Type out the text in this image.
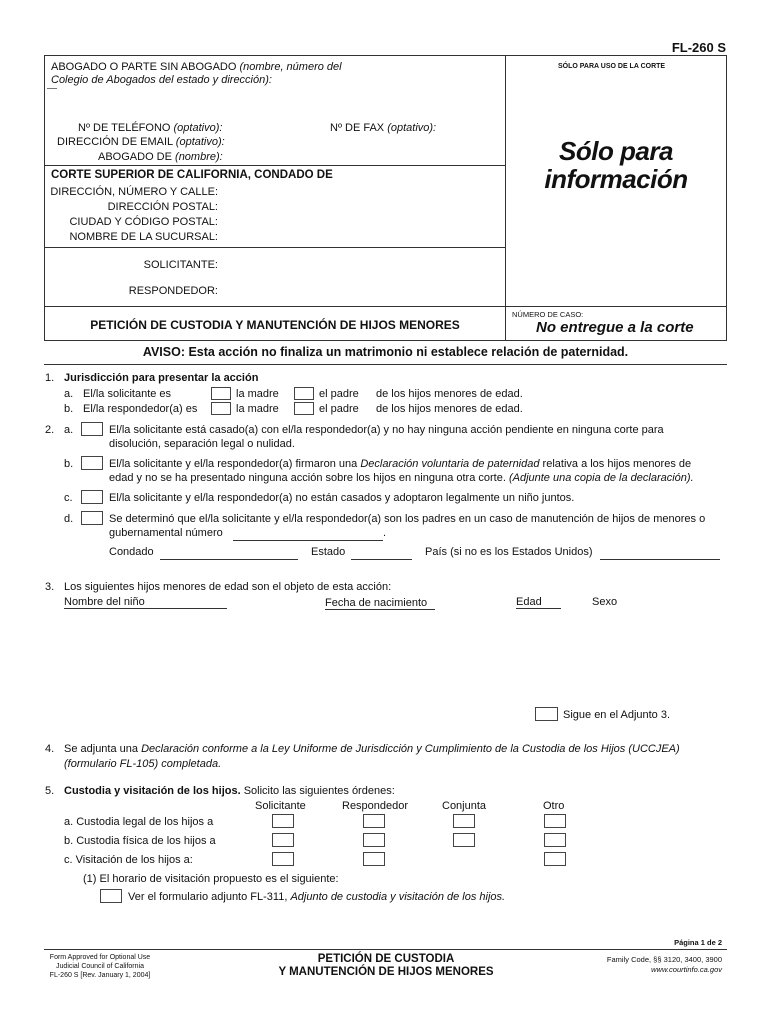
FL-260 S
ABOGADO O PARTE SIN ABOGADO (nombre, número del
Colegio de Abogados del estado y dirección):
SÓLO PARA USO DE LA CORTE
Nº DE TELÉFONO (optativo):	Nº DE FAX (optativo):
DIRECCIÓN DE EMAIL (optativo):
ABOGADO DE (nombre):	Sólo para
información
CORTE SUPERIOR DE CALIFORNIA, CONDADO DE
DIRECCIÓN, NÚMERO Y CALLE:
DIRECCIÓN POSTAL:
CIUDAD Y CÓDIGO POSTAL:
NOMBRE DE LA SUCURSAL:
SOLICITANTE:
RESPONDEDOR:
PETICIÓN DE CUSTODIA Y MANUTENCIÓN DE HIJOS MENORES
NÚMERO DE CASO:
No entregue a la corte
AVISO: Esta acción no finaliza un matrimonio ni establece relación de paternidad.
1. Jurisdicción para presentar la acción
a. El/la solicitante es	la madre	el padre de los hijos menores de edad.
b. El/la respondedor(a) es	la madre	el padre de los hijos menores de edad.
2. a.	El/la solicitante está casado(a) con el/la respondedor(a) y no hay ninguna acción pendiente en ninguna corte para
disolución, separación legal o nulidad.
b.	El/la solicitante y el/la respondedor(a) firmaron una Declaración voluntaria de paternidad relativa a los hijos menores de
edad y no se ha presentado ninguna acción sobre los hijos en ninguna otra corte. (Adjunte una copia de la declaración).
c.	El/la solicitante y el/la respondedor(a) no están casados y adoptaron legalmente un niño juntos.
d.	Se determinó que el/la solicitante y el/la respondedor(a) son los padres en un caso de manutención de hijos de menores o
gubernamental número	.
Condado	Estado	País (si no es los Estados Unidos)
3. Los siguientes hijos menores de edad son el objeto de esta acción:
Nombre del niño	Fecha de nacimiento	Edad	Sexo
Sigue en el Adjunto 3.
4. Se adjunta una Declaración conforme a la Ley Uniforme de Jurisdicción y Cumplimiento de la Custodia de los Hijos (UCCJEA)
(formulario FL-105) completada.
5. Custodia y visitación de los hijos. Solicito las siguientes órdenes:
Solicitante	Respondedor	Conjunta	Otro
a. Custodia legal de los hijos a
b. Custodia física de los hijos a
c. Visitación de los hijos a:
(1) El horario de visitación propuesto es el siguiente:
Ver el formulario adjunto FL-311, Adjunto de custodia y visitación de los hijos.
Página 1 de 2
Form Approved for Optional Use
Judicial Council of California
FL-260 S [Rev. January 1, 2004]
PETICIÓN DE CUSTODIA
Y MANUTENCIÓN DE HIJOS MENORES
Family Code, §§ 3120, 3400, 3900
www.courtinfo.ca.gov
